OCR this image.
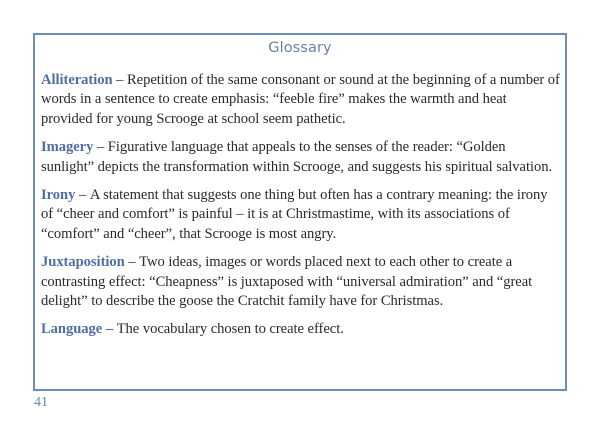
Glossary

Alliteration – Repetition of the same consonant or sound at the beginning of a number of words in a sentence to create emphasis: “feeble fire” makes the warmth and heat provided for young Scrooge at school seem pathetic.

Imagery – Figurative language that appeals to the senses of the reader: “Golden sunlight” depicts the transformation within Scrooge, and suggests his spiritual salvation.

Irony – A statement that suggests one thing but often has a contrary meaning: the irony of “cheer and comfort” is painful – it is at Christmastime, with its associations of “comfort” and “cheer”, that Scrooge is most angry.

Juxtaposition – Two ideas, images or words placed next to each other to create a contrasting effect: “Cheapness” is juxtaposed with “universal admiration” and “great delight” to describe the goose the Cratchit family have for Christmas.

Language – The vocabulary chosen to create effect.

41
